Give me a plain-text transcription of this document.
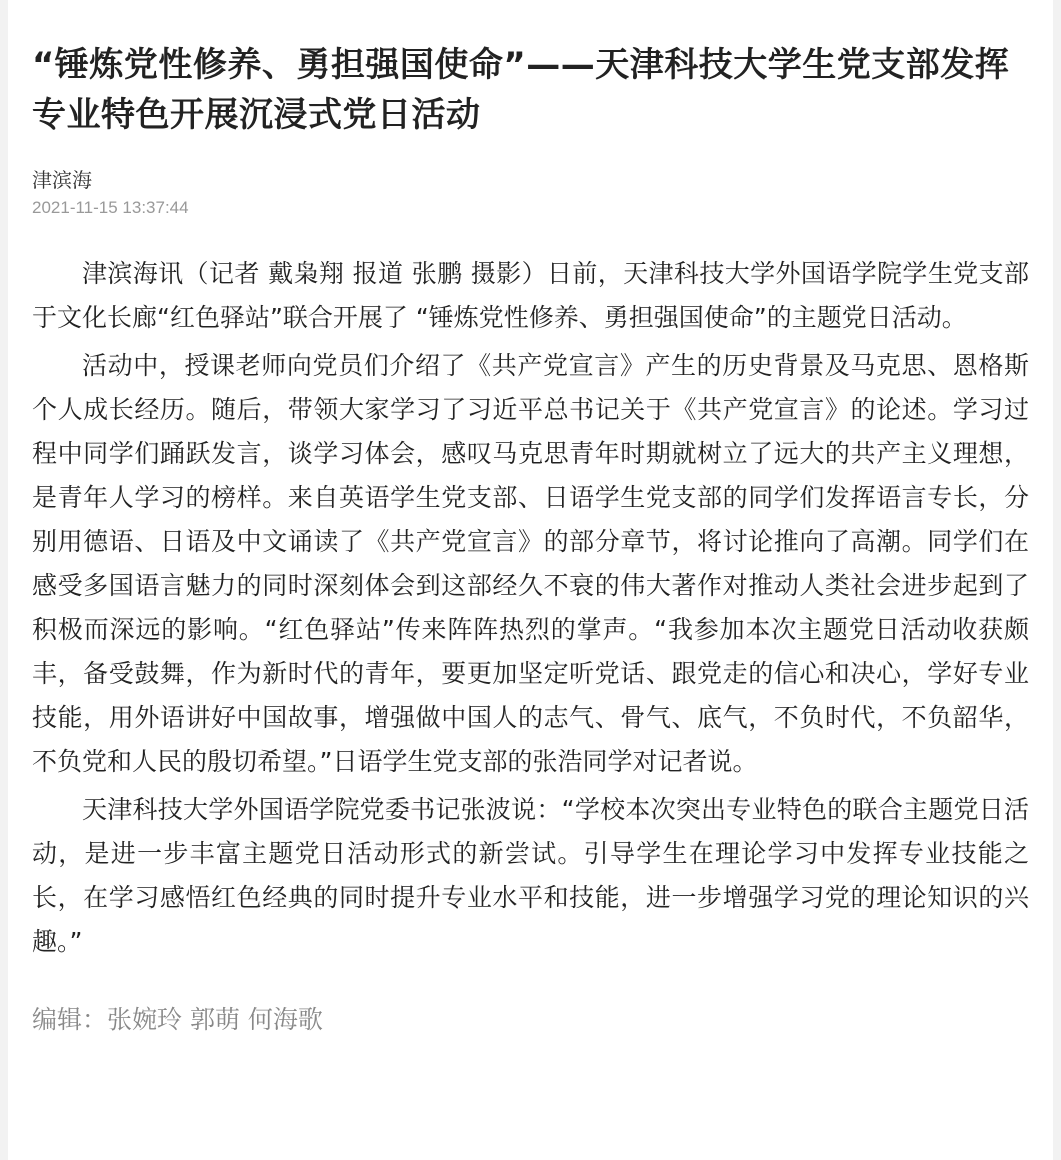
“锤炼党性修养、勇担强国使命”——天津科技大学生党支部发挥专业特色开展沉浸式党日活动
津滨海
2021-11-15 13:37:44

津滨海讯（记者 戴枭翔 报道 张鹏 摄影）日前，天津科技大学外国语学院学生党支部于文化长廊“红色驿站”联合开展了 “锤炼党性修养、勇担强国使命”的主题党日活动。

活动中，授课老师向党员们介绍了《共产党宣言》产生的历史背景及马克思、恩格斯个人成长经历。随后，带领大家学习了习近平总书记关于《共产党宣言》的论述。学习过程中同学们踊跃发言，谈学习体会，感叹马克思青年时期就树立了远大的共产主义理想，是青年人学习的榜样。来自英语学生党支部、日语学生党支部的同学们发挥语言专长，分别用德语、日语及中文诵读了《共产党宣言》的部分章节，将讨论推向了高潮。同学们在感受多国语言魅力的同时深刻体会到这部经久不衰的伟大著作对推动人类社会进步起到了积极而深远的影响。“红色驿站”传来阵阵热烈的掌声。“我参加本次主题党日活动收获颇丰，备受鼓舞，作为新时代的青年，要更加坚定听党话、跟党走的信心和决心，学好专业技能，用外语讲好中国故事，增强做中国人的志气、骨气、底气，不负时代，不负韶华，不负党和人民的殷切希望。”日语学生党支部的张浩同学对记者说。

天津科技大学外国语学院党委书记张波说：“学校本次突出专业特色的联合主题党日活动，是进一步丰富主题党日活动形式的新尝试。引导学生在理论学习中发挥专业技能之长，在学习感悟红色经典的同时提升专业水平和技能，进一步增强学习党的理论知识的兴趣。”

编辑：张婉玲 郭萌 何海歌
